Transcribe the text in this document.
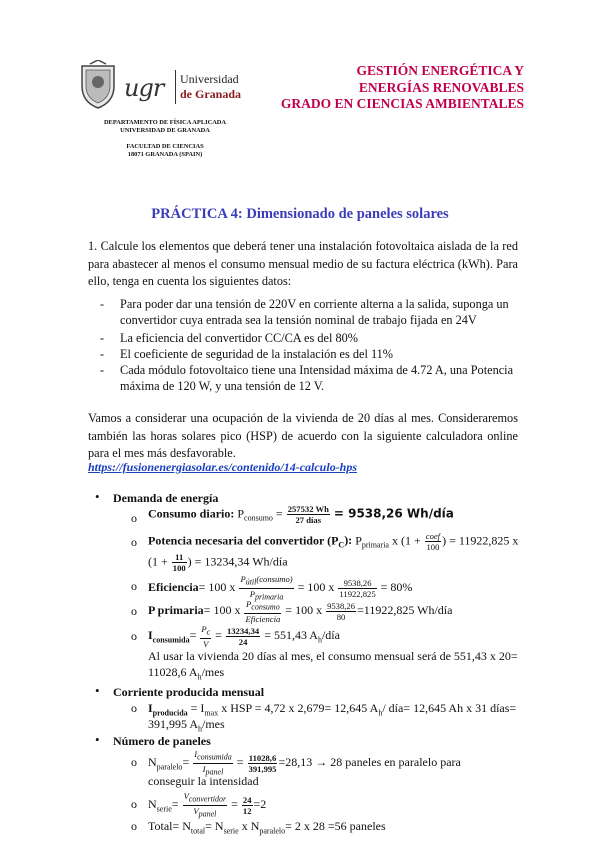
ugr Universidad
de Granada
DEPARTAMENTO DE FÍSICA APLICADA
UNIVERSIDAD DE GRANADA
FACULTAD DE CIENCIAS
18071 GRANADA (SPAIN)
GESTIÓN ENERGÉTICA Y
ENERGÍAS RENOVABLES
GRADO EN CIENCIAS AMBIENTALES
PRÁCTICA 4: Dimensionado de paneles solares
1. Calcule los elementos que deberá tener una instalación fotovoltaica aislada de la red para abastecer al menos el consumo mensual medio de su factura eléctrica (kWh). Para ello, tenga en cuenta los siguientes datos:
- Para poder dar una tensión de 220V en corriente alterna a la salida, suponga un convertidor cuya entrada sea la tensión nominal de trabajo fijada en 24V
- La eficiencia del convertidor CC/CA es del 80%
- El coeficiente de seguridad de la instalación es del 11%
- Cada módulo fotovoltaico tiene una Intensidad máxima de 4.72 A, una Potencia máxima de 120 W, y una tensión de 12 V.
Vamos a considerar una ocupación de la vivienda de 20 días al mes. Consideraremos también las horas solares pico (HSP) de acuerdo con la siguiente calculadora online para el mes más desfavorable.
https://fusionenergiasolar.es/contenido/14-calculo-hps
• Demanda de energía
o Consumo diario: $P_{consumo} = \frac{257532 Wh}{\text{27 días}} = 9538,26$ Wh/día
o Potencia necesaria del convertidor $(P_C)$: $P_{primaria}$ x ($1 + \frac{\text{coef}}{100}$ ) = 11922,825 x
($1 + \frac{11}{100}$ ) = 13234,34 Wh/día
o Eficiencia= 100 x $\frac{P_{útil}(consumo)}{P_{primaria}} = 100$ x $\frac{9538,26}{11922,825} = 80\%$
o P primaria= 100 x $\frac{P_{consumo}}{\text{Eficiencia}} = 100$ x $\frac{9538,26}{80} =11922,825$ Wh/día
o $I_{consumida}= \frac{P_c}{V} = \frac{13234,34}{24} = 551,43$ $A_h$/día
Al usar la vivienda 20 días al mes, el consumo mensual será de 551,43 x 20= 11028,6 $A_h$/mes
• Corriente producida mensual
o $I_{producida} = I_{max}$ x HSP = 4,72 x 2,679= 12,645 $A_h/$ día= 12,645 Ah x 31 días=
391,995 $A_h$/mes
• Número de paneles
o $N_{paralelo}= \frac{I_{consumida}}{I_{panel}} = \frac{11028,6}{391,995} =28,13 \to 28$ paneles en paralelo para
conseguir la intensidad
o $N_{serie}= \frac{V_{convertidor}}{V_{panel}} = \frac{24}{12} =2$
o Total= $N_{total}= N_{serie}$ x $N_{paralelo}= 2$ x 28 =56 paneles
